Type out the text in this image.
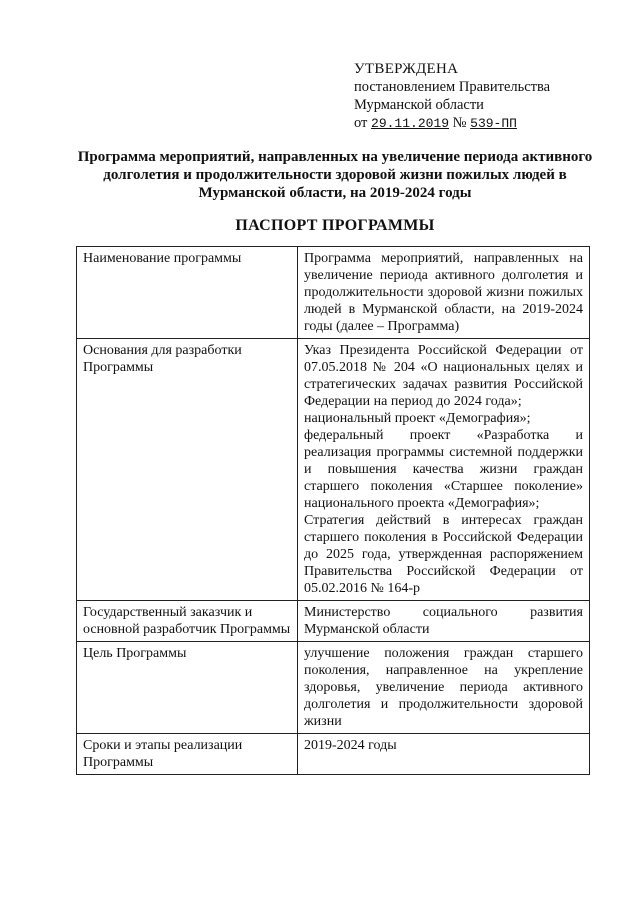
УТВЕРЖДЕНА
постановлением Правительства
Мурманской области
от 29.11.2019 № 539-ПП
Программа мероприятий, направленных на увеличение периода активного долголетия и продолжительности здоровой жизни пожилых людей в Мурманской области, на 2019-2024 годы
ПАСПОРТ ПРОГРАММЫ
Наименование программы	Программа мероприятий, направленных на увеличение периода активного долголетия и продолжительности здоровой жизни пожилых людей в Мурманской области, на 2019-2024 годы (далее – Программа)

Основания для разработки Программы	Указ Президента Российской Федерации от 07.05.2018 № 204 «О национальных целях и стратегических задачах развития Российской Федерации на период до 2024 года»;

национальный проект «Демография»;

федеральный проект «Разработка и реализация программы системной поддержки и повышения качества жизни граждан старшего поколения «Старшее поколение» национального проекта «Демография»;

Стратегия действий в интересах граждан старшего поколения в Российской Федерации до 2025 года, утвержденная распоряжением Правительства Российской Федерации от 05.02.2016 № 164-р

Государственный заказчик и основной разработчик Программы	Министерство социального развития Мурманской области

Цель Программы	улучшение положения граждан старшего поколения, направленное на укрепление здоровья, увеличение периода активного долголетия и продолжительности здоровой жизни

Сроки и этапы реализации Программы	2019-2024 годы
